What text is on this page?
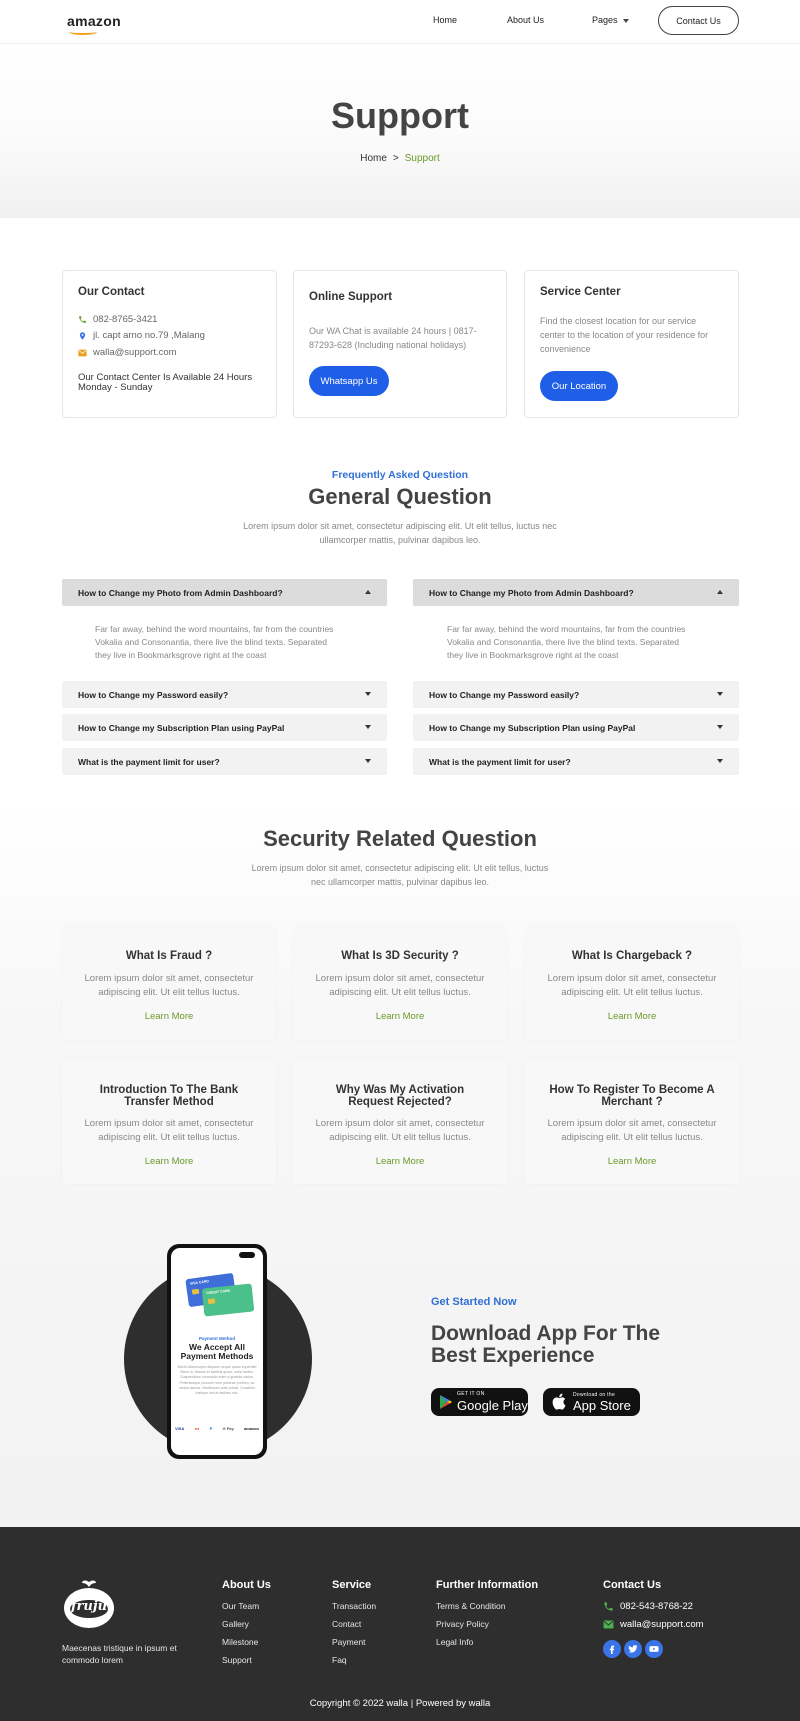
amazon	Home	About Us	Pages	Contact Us
Support
Home > Support
Our Contact
082-8765-3421
jl. capt arno no.79 ,Malang
walla@support.com
Our Contact Center Is Available 24 Hours
Monday - Sunday
Online Support
Our WA Chat is available 24 hours | 0817-87293-628 (Including national holidays)
Whatsapp Us
Service Center
Find the closest location for our service center to the location of your residence for convenience
Our Location
Frequently Asked Question
General Question
Lorem ipsum dolor sit amet, consectetur adipiscing elit. Ut elit tellus, luctus nec
ullamcorper mattis, pulvinar dapibus leo.
How to Change my Photo from Admin Dashboard?
Far far away, behind the word mountains, far from the countries Vokalia and Consonantia, there live the blind texts. Separated they live in Bookmarksgrove right at the coast
How to Change my Password easily?
How to Change my Subscription Plan using PayPal
What is the payment limit for user?
How to Change my Photo from Admin Dashboard?
Far far away, behind the word mountains, far from the countries Vokalia and Consonantia, there live the blind texts. Separated they live in Bookmarksgrove right at the coast
How to Change my Password easily?
How to Change my Subscription Plan using PayPal
What is the payment limit for user?
Security Related Question
Lorem ipsum dolor sit amet, consectetur adipiscing elit. Ut elit tellus, luctus
nec ullamcorper mattis, pulvinar dapibus leo.
What Is Fraud ?
Lorem ipsum dolor sit amet, consectetur
adipiscing elit. Ut elit tellus luctus.
Learn More
What Is 3D Security ?
Lorem ipsum dolor sit amet, consectetur
adipiscing elit. Ut elit tellus luctus.
Learn More
What Is Chargeback ?
Lorem ipsum dolor sit amet, consectetur
adipiscing elit. Ut elit tellus luctus.
Learn More
Introduction To The Bank
Transfer Method
Lorem ipsum dolor sit amet, consectetur
adipiscing elit. Ut elit tellus luctus.
Learn More
Why Was My Activation
Request Rejected?
Lorem ipsum dolor sit amet, consectetur
adipiscing elit. Ut elit tellus luctus.
Learn More
How To Register To Become A
Merchant ?
Lorem ipsum dolor sit amet, consectetur
adipiscing elit. Ut elit tellus luctus.
Learn More
VISA CARD
CREDIT CARD
Payment Method
We Accept All
Payment Methods
Morbi ullamcorper aliquam neque quam imperdiet libero in. Mauris et facilisis quam, nulla facilisi. Suspendisse commodo enim a gravida varius. Pellentesque posuere sem pulvinar pretium, ac metus lacinia. Vestibulum ante primis. Curabitur tristique nisl et facilisis nisi.
VISA	●●	P	G Pay	amazon
Get Started Now
Download App For The
Best Experience
GET IT ON
Google Play
Download on the
App Store
fruju
Maecenas tristique in ipsum et
commodo lorem
About Us
Our Team
Gallery
Milestone
Support
Service
Transaction
Contact
Payment
Faq
Further Information
Terms & Condition
Privacy Policy
Legal Info
Contact Us
082-543-8768-22
walla@support.com
Copyright © 2022 walla | Powered by walla
